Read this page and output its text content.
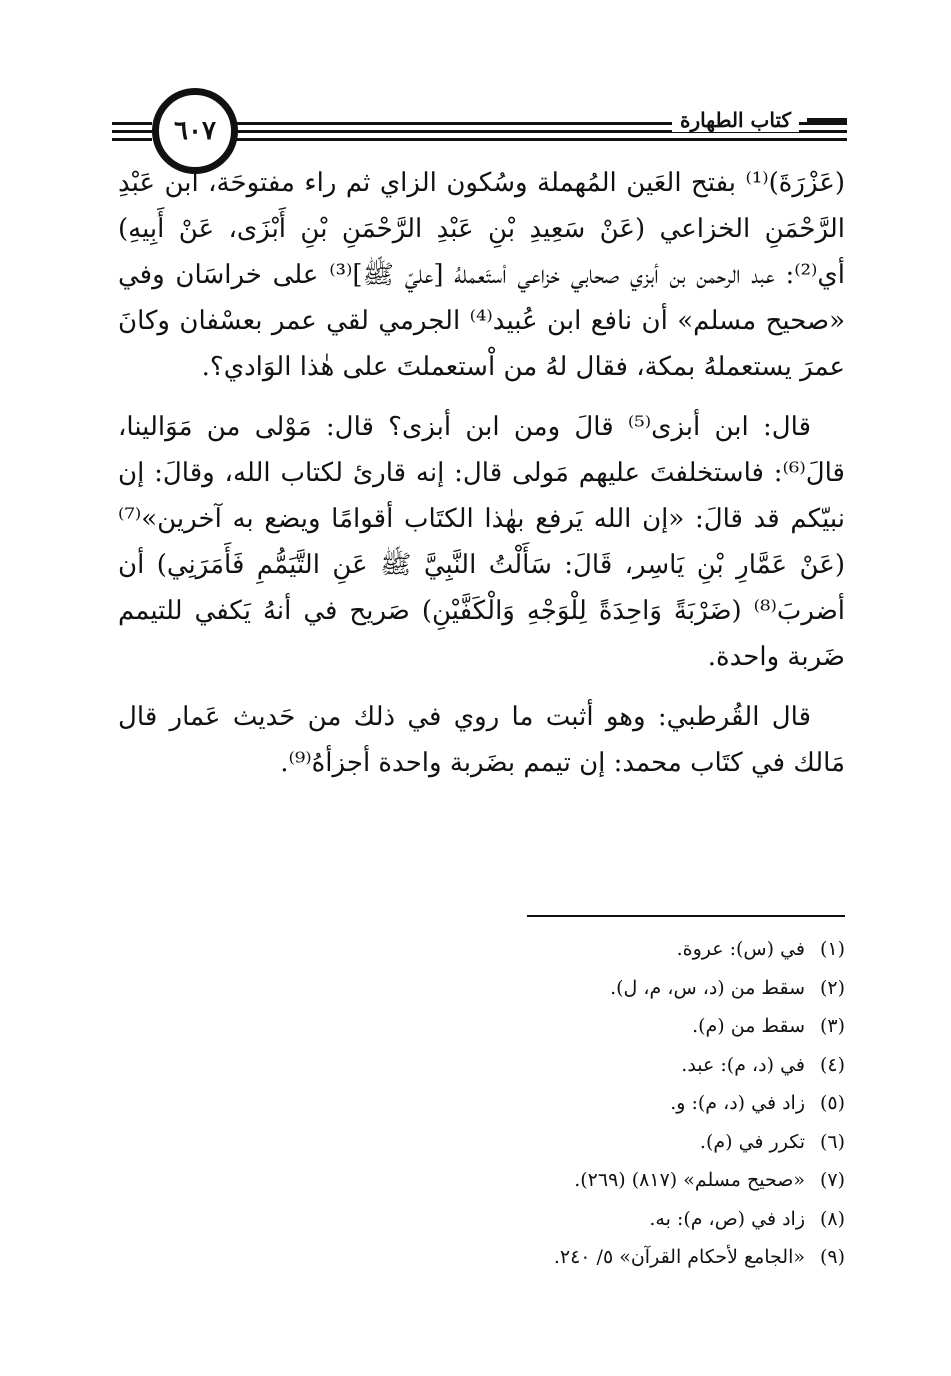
٦٠٧	كتاب الطهارة

(عَزْرَةَ)⁽¹⁾ بفتح العَين المُهملة وسُكون الزاي ثم راء مفتوحَة، ابن عَبْدِ الرَّحْمَنِ الخزاعي (عَنْ سَعِيدِ بْنِ عَبْدِ الرَّحْمَنِ بْنِ أَبْزَى، عَنْ أَبِيهِ) أي⁽²⁾: عبد الرحمن بن أبزي صحابي خزاعي اْستَعملهُ [عليّ ﷺ]⁽³⁾ على خراسَان وفي «صحيح مسلم» أن نافع ابن عُبيد⁽⁴⁾ الجرمي لقي عمر بعسْفان وكانَ عمرَ يستعملهُ بمكة، فقال لهُ من اْستعملتَ على هٰذا الوَادي؟.

قال: ابن أبزى⁽⁵⁾ قالَ ومن ابن أبزى؟ قال: مَوْلى من مَوَالينا، قالَ⁽⁶⁾: فاستخلفتَ عليهم مَولى قال: إنه قارئ لكتاب الله، وقالَ: إن نبيّكم قد قالَ: «إن الله يَرفع بهٰذا الكتَاب أقوامًا ويضع به آخرين»⁽⁷⁾ (عَنْ عَمَّارِ بْنِ يَاسِر، قَالَ: سَأَلْتُ النَّبِيَّ ﷺ عَنِ التَّيَمُّمِ فَأَمَرَنِي) أن أضربَ⁽⁸⁾ (ضَرْبَةً وَاحِدَةً لِلْوَجْهِ وَالْكَفَّيْنِ) صَريح في أنهُ يَكفي للتيمم ضَربة واحدة.

قال القُرطبي: وهو أثبت ما روي في ذلك من حَديث عَمار قال مَالك في كتَاب محمد: إن تيمم بضَربة واحدة أجزأهُ⁽⁹⁾.

(١)
في (س): عروة.
(٢)
سقط من (د، س، م، ل).
(٣)
سقط من (م).
(٤)
في (د، م): عبد.
(٥)
زاد في (د، م): و.
(٦)
تكرر في (م).
(٧)
«صحيح مسلم» (٨١٧) (٢٦٩).
(٨)
زاد في (ص، م): به.
(٩)
«الجامع لأحكام القرآن» ٥/ ٢٤٠.
